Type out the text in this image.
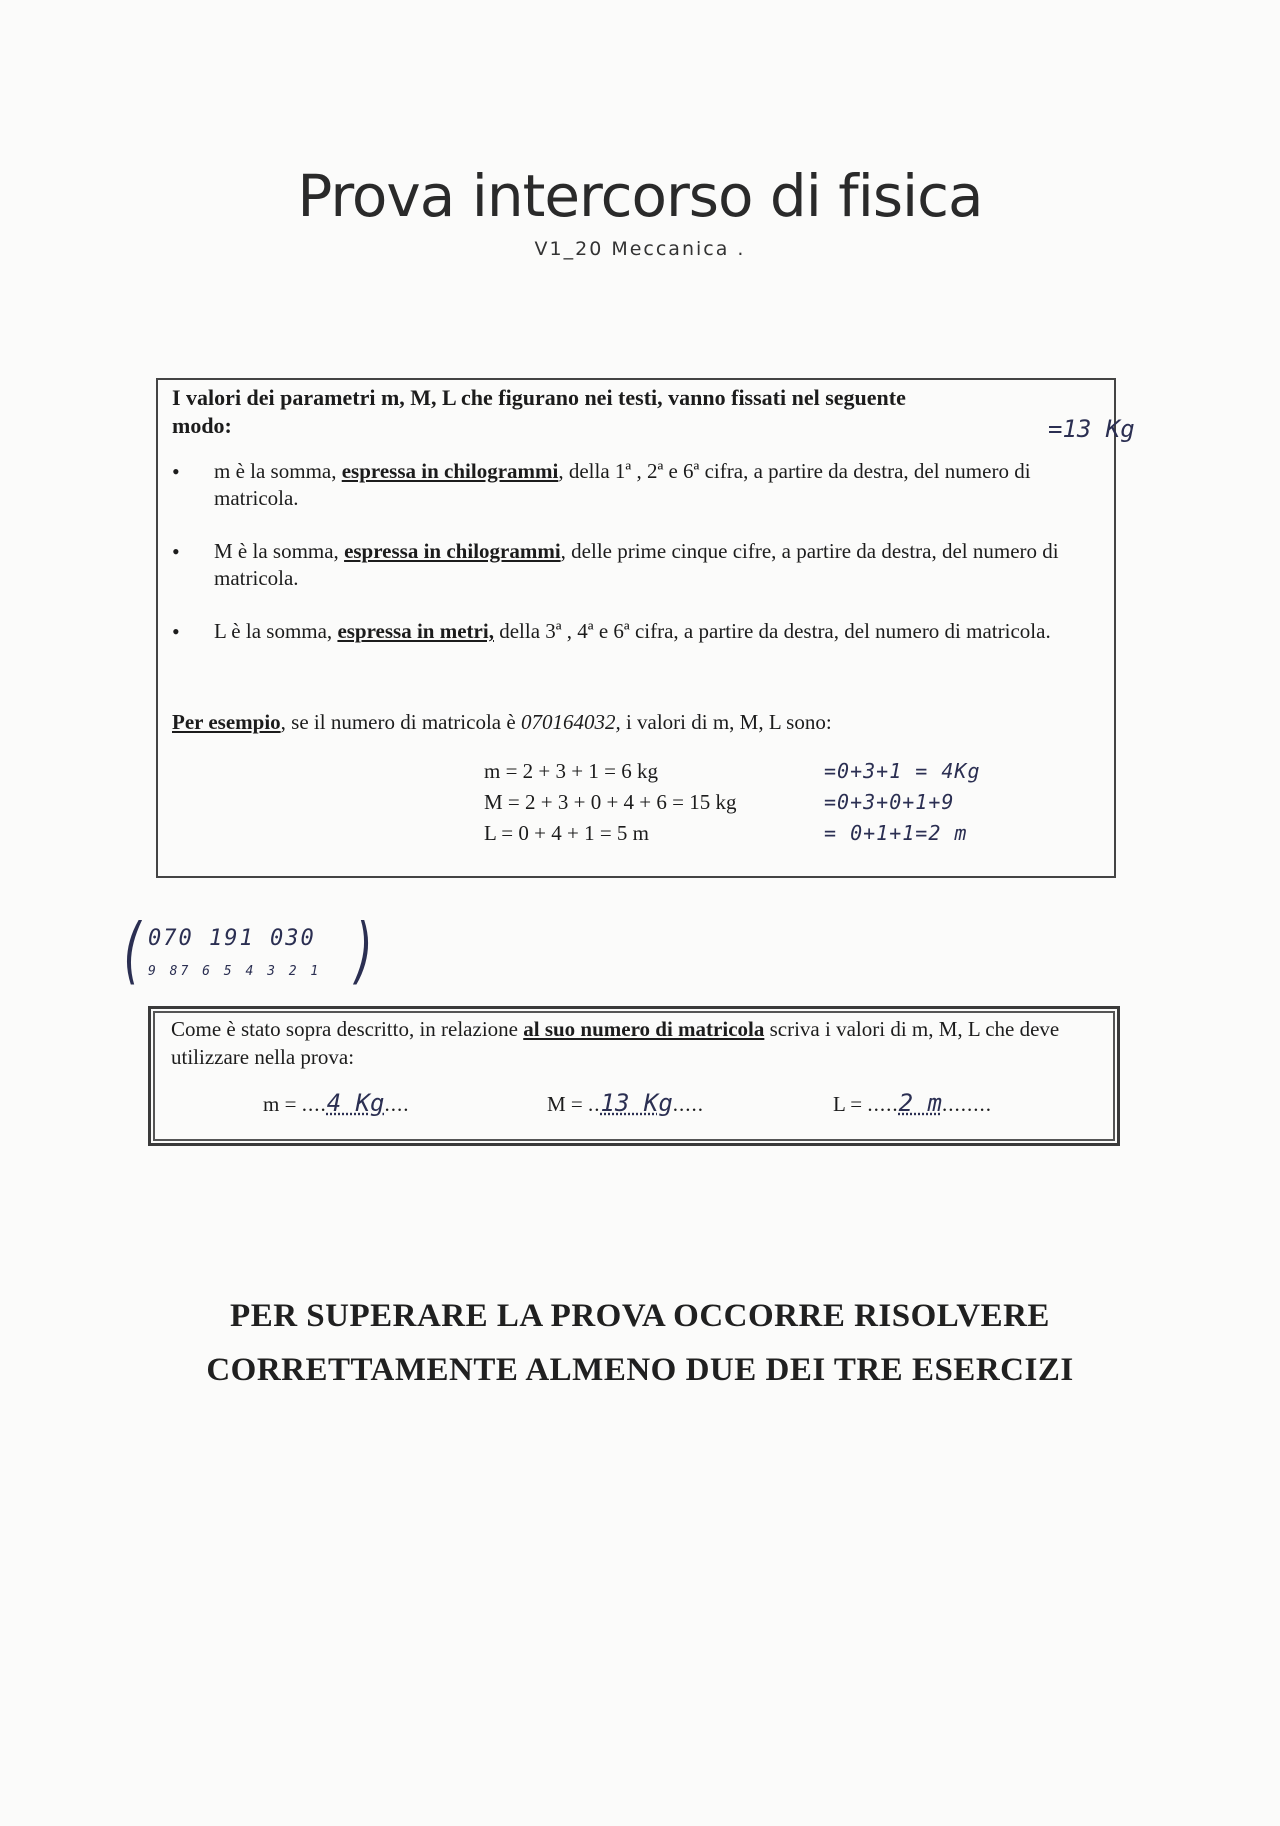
Prova intercorso di fisica
V1_20 Meccanica .
I valori dei parametri m, M, L che figurano nei testi, vanno fissati nel seguente
modo:
• m è la somma, espressa in chilogrammi, della 1ª , 2ª e 6ª cifra, a partire da destra, del numero di matricola.
• M è la somma, espressa in chilogrammi, delle prime cinque cifre, a partire da destra, del numero di matricola.
• L è la somma, espressa in metri, della 3ª , 4ª e 6ª cifra, a partire da destra, del numero di matricola.
Per esempio, se il numero di matricola è 070164032, i valori di m, M, L sono:
m = 2 + 3 + 1 = 6 kg
M = 2 + 3 + 0 + 4 + 6 = 15 kg
L = 0 + 4 + 1 = 5 m
=0+3+1 = 4Kg
=0+3+0+1+9
= 0+1+1=2 m
=13 Kg
( 070 191 030
9 87 6 5 4 3 2 1 )
Come è stato sopra descritto, in relazione al suo numero di matricola scriva i valori di m, M, L che deve utilizzare nella prova:
m = ....4 Kg....	M = ..13 Kg.....	L = .....2 m........
PER SUPERARE LA PROVA OCCORRE RISOLVERE
CORRETTAMENTE ALMENO DUE DEI TRE ESERCIZI
